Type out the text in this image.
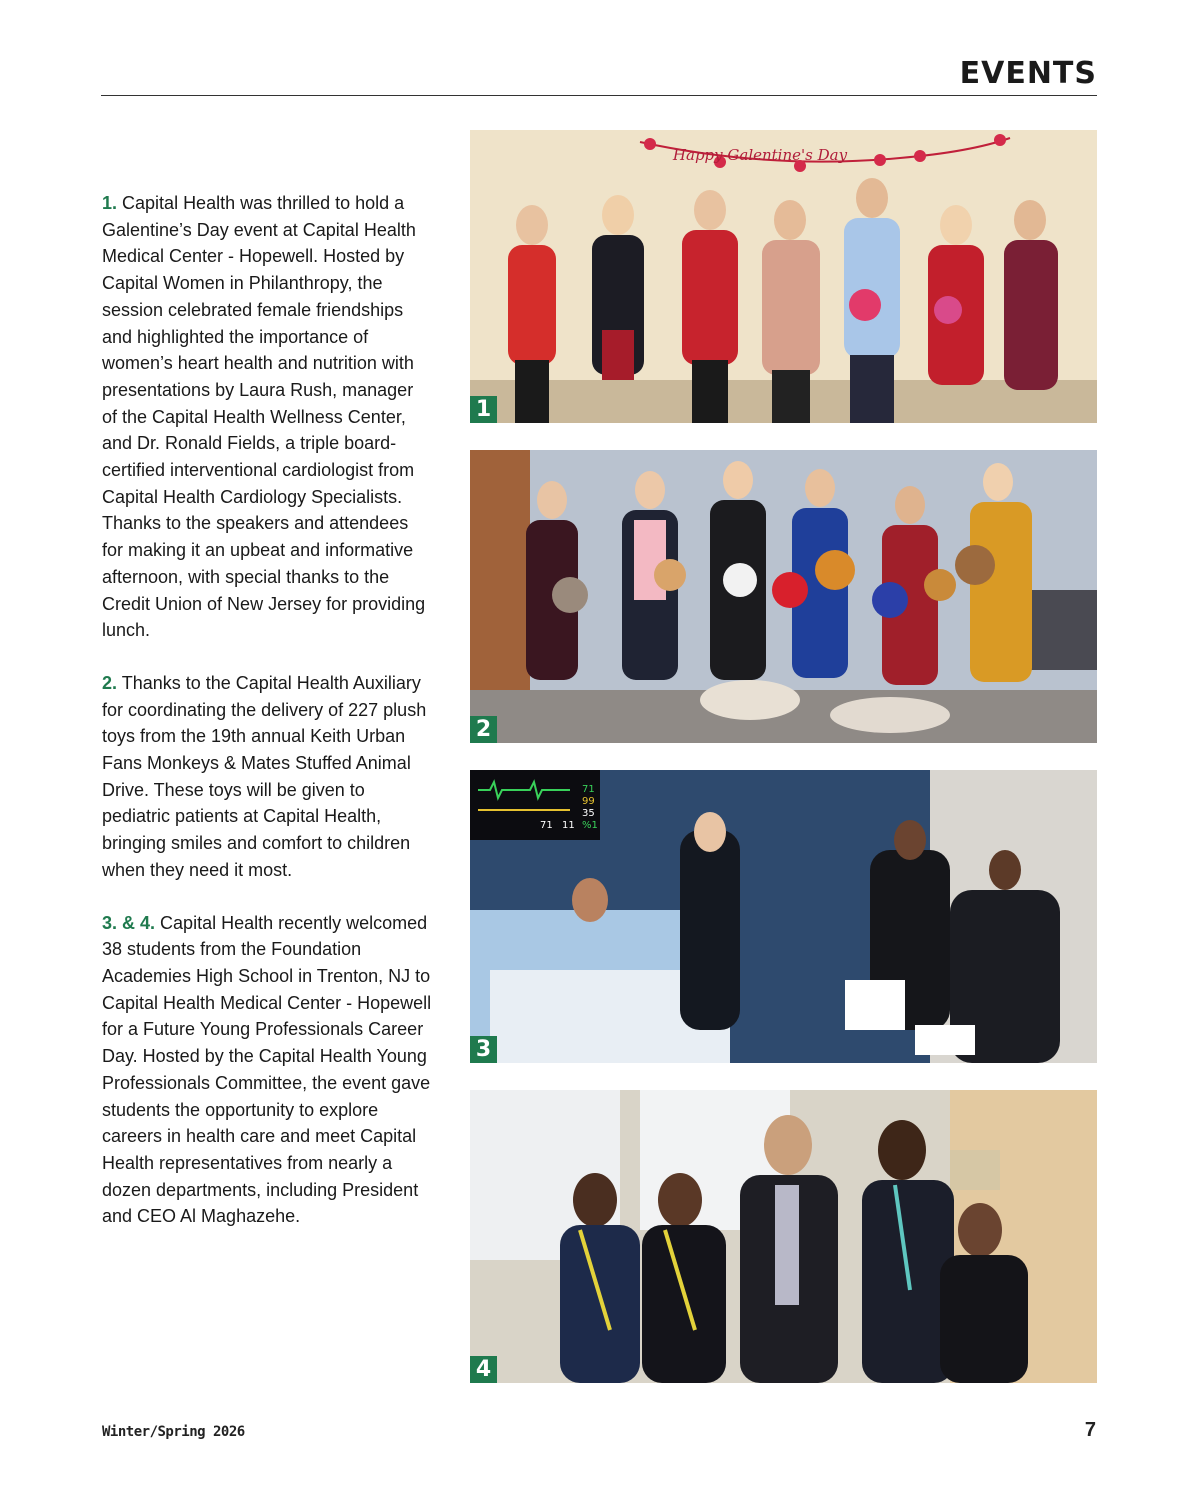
EVENTS

1. Capital Health was thrilled to hold a Galentine’s Day event at Capital Health Medical Center - Hopewell. Hosted by Capital Women in Philanthropy, the session celebrated female friendships and highlighted the importance of women’s heart health and nutrition with presentations by Laura Rush, manager of the Capital Health Wellness Center, and Dr. Ronald Fields, a triple board-certified interventional cardiologist from Capital Health Cardiology Specialists. Thanks to the speakers and attendees for making it an upbeat and informative afternoon, with special thanks to the Credit Union of New Jersey for providing lunch.

2. Thanks to the Capital Health Auxiliary for coordinating the delivery of 227 plush toys from the 19th annual Keith Urban Fans Monkeys & Mates Stuffed Animal Drive. These toys will be given to pediatric patients at Capital Health, bringing smiles and comfort to children when they need it most.

3. & 4. Capital Health recently welcomed 38 students from the Foundation Academies High School in Trenton, NJ to Capital Health Medical Center - Hopewell for a Future Young Professionals Career Day. Hosted by the Capital Health Young Professionals Committee, the event gave students the opportunity to explore careers in health care and meet Capital Health representatives from nearly a dozen departments, including President and CEO Al Maghazehe.

Happy Galentine's Day
1
2
71
99
35
71 11 %1
3
4
Winter/Spring 2026	7
